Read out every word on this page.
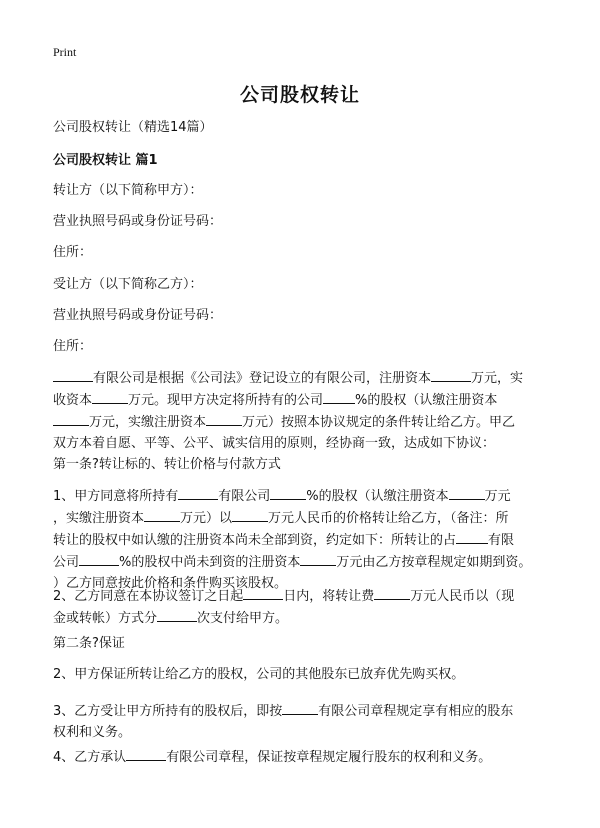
Print
公司股权转让
公司股权转让（精选14篇）
公司股权转让 篇1
转让方（以下简称甲方）：
营业执照号码或身份证号码：
住所：
受让方（以下简称乙方）：
营业执照号码或身份证号码：
住所：
有限公司是根据《公司法》登记设立的有限公司，注册资本	万元，实
收资本	万元。现甲方决定将所持有的公司 %的股权（认缴注册资本
万元，实缴注册资本	万元）按照本协议规定的条件转让给乙方。甲乙
双方本着自愿、平等、公平、诚实信用的原则，经协商一致，达成如下协议：
第一条?转让标的、转让价格与付款方式
1、甲方同意将所持有	有限公司	%的股权（认缴注册资本	万元
，实缴注册资本	万元）以	万元人民币的价格转让给乙方，（备注：所
转让的股权中如认缴的注册资本尚未全部到资，约定如下：所转让的占 有限
公司	%的股权中尚未到资的注册资本	万元由乙方按章程规定如期到资。
）乙方同意按此价格和条件购买该股权。
2、乙方同意在本协议签订之日起	日内，将转让费	万元人民币以（现
金或转帐）方式分	次支付给甲方。
第二条?保证
2、甲方保证所转让给乙方的股权，公司的其他股东已放弃优先购买权。
3、乙方受让甲方所持有的股权后，即按	有限公司章程规定享有相应的股东
权利和义务。
4、乙方承认	有限公司章程，保证按章程规定履行股东的权利和义务。
